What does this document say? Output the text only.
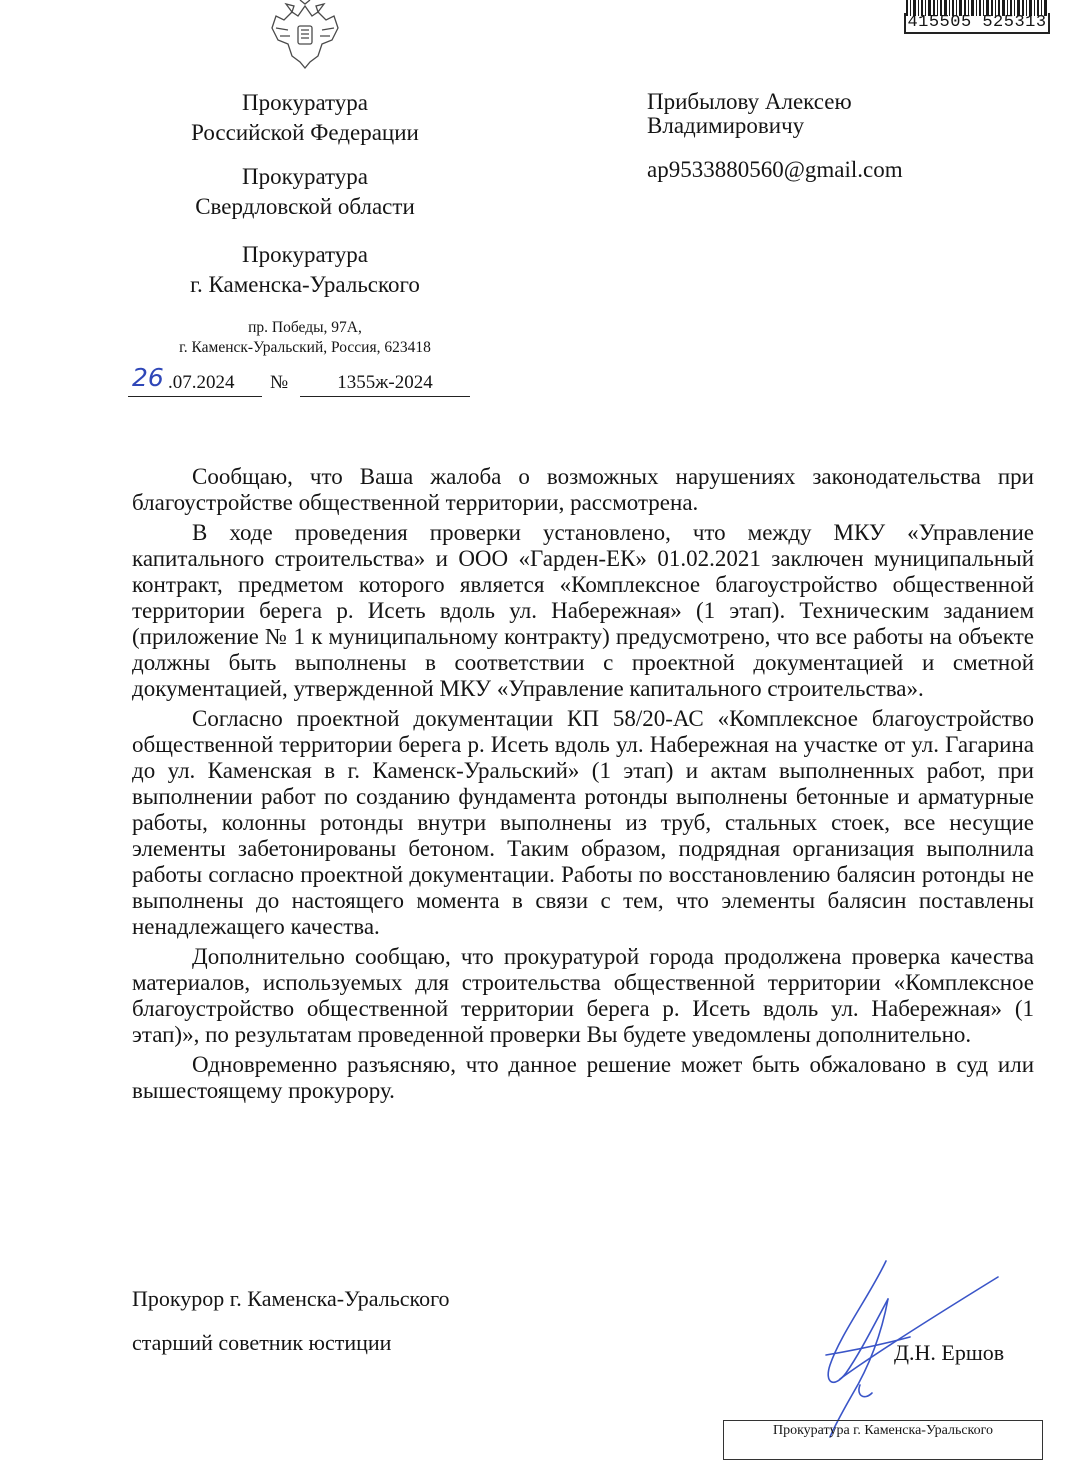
415505 525313
Прокуратура
Российской Федерации
Прокуратура
Свердловской области
Прокуратура
г. Каменска-Уральского
пр. Победы, 97А,
г. Каменск-Уральский, Россия, 623418
26 .07.2024 №	1355ж-2024
Прибылову Алексею
Владимировичу
ap9533880560@gmail.com

Сообщаю, что Ваша жалоба о возможных нарушениях законодательства при благоустройстве общественной территории, рассмотрена.

В ходе проведения проверки установлено, что между МКУ «Управление капитального строительства» и ООО «Гарден-ЕК» 01.02.2021 заключен муниципальный контракт, предметом которого является «Комплексное благоустройство общественной территории берега р. Исеть вдоль ул. Набережная» (1 этап). Техническим заданием (приложение № 1 к муниципальному контракту) предусмотрено, что все работы на объекте должны быть выполнены в соответствии с проектной документацией и сметной документацией, утвержденной МКУ «Управление капитального строительства».

Согласно проектной документации КП 58/20-АС «Комплексное благоустройство общественной территории берега р. Исеть вдоль ул. Набережная на участке от ул. Гагарина до ул. Каменская в г. Каменск-Уральский» (1 этап) и актам выполненных работ, при выполнении работ по созданию фундамента ротонды выполнены бетонные и арматурные работы, колонны ротонды внутри выполнены из труб, стальных стоек, все несущие элементы забетонированы бетоном. Таким образом, подрядная организация выполнила работы согласно проектной документации. Работы по восстановлению балясин ротонды не выполнены до настоящего момента в связи с тем, что элементы балясин поставлены ненадлежащего качества.

Дополнительно сообщаю, что прокуратурой города продолжена проверка качества материалов, используемых для строительства общественной территории «Комплексное благоустройство общественной территории берега р. Исеть вдоль ул. Набережная» (1 этап)», по результатам проведенной проверки Вы будете уведомлены дополнительно.

Одновременно разъясняю, что данное решение может быть обжаловано в суд или вышестоящему прокурору.

Прокурор г. Каменска-Уральского
старший советник юстиции	Д.Н. Ершов
Прокуратура г. Каменска-Уральского
